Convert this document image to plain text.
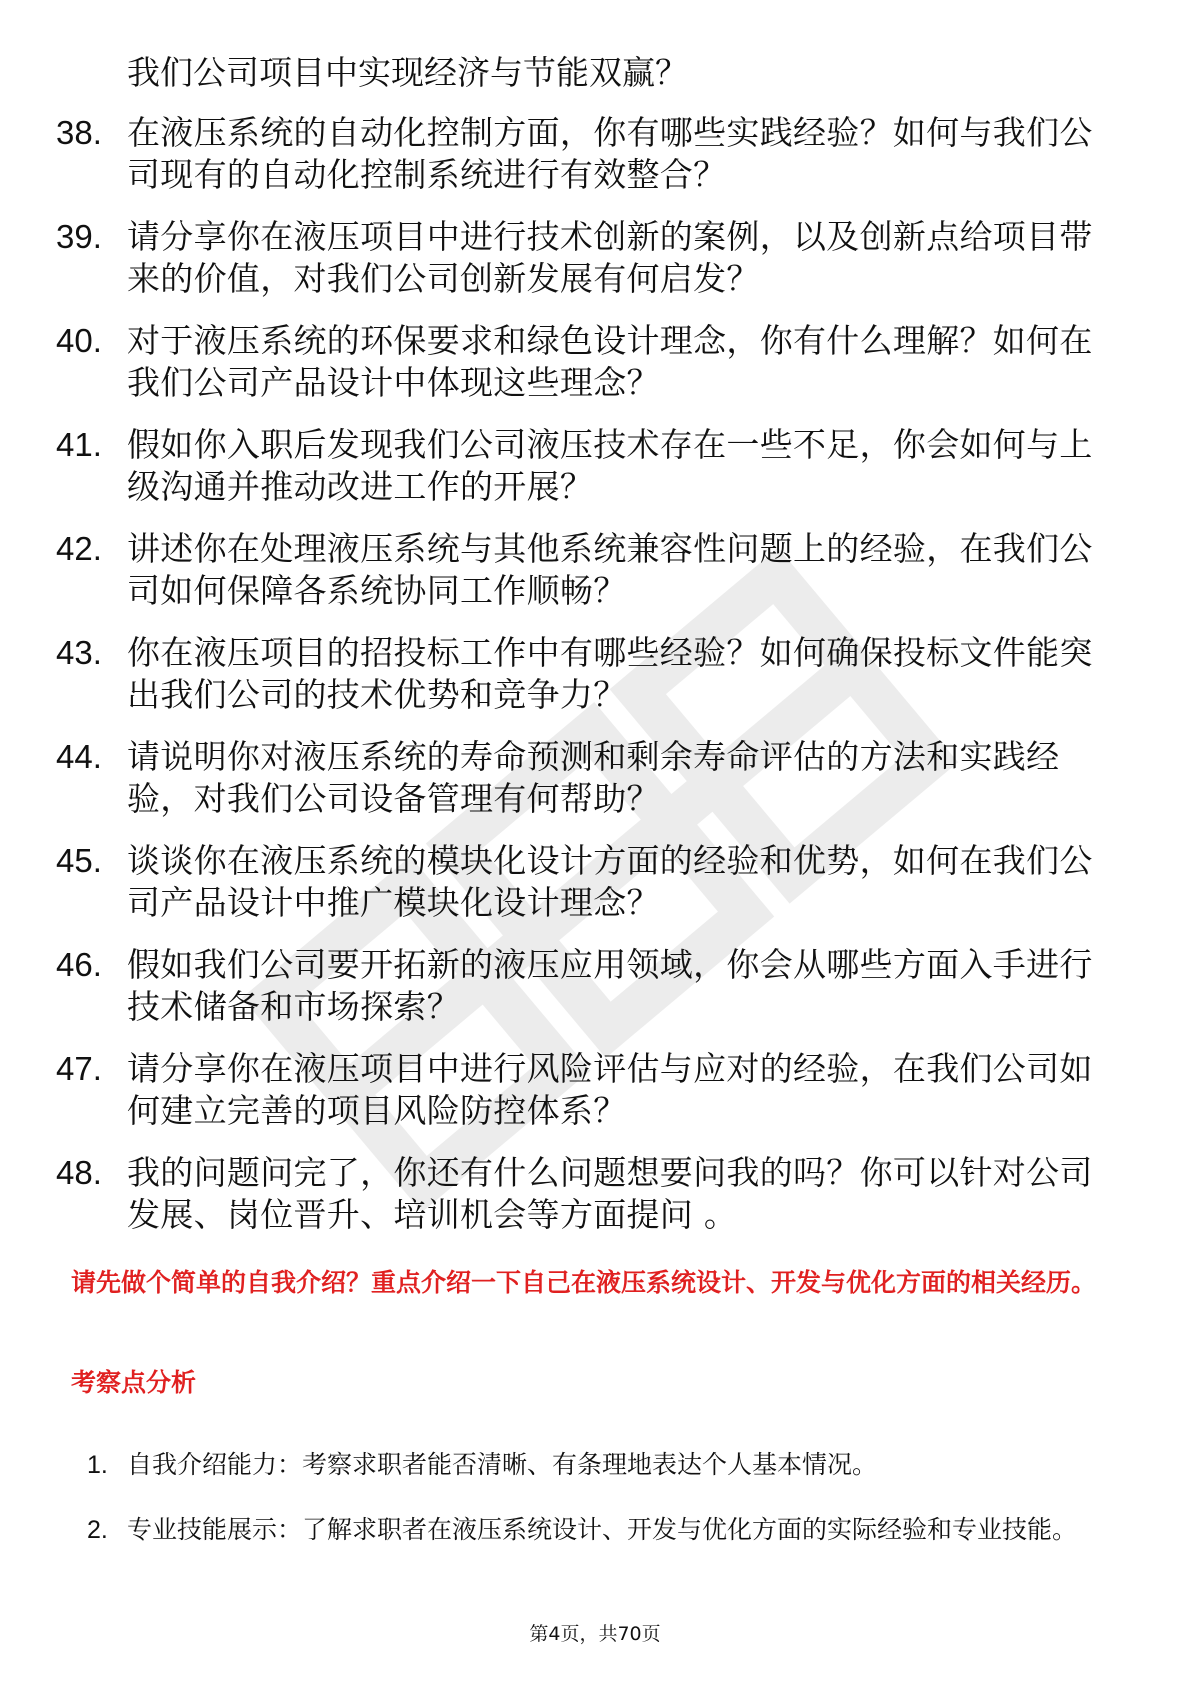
我们公司项目中实现经济与节能双赢？
38. 在液压系统的自动化控制方面，你有哪些实践经验？如何与我们公司现有的自动化控制系统进行有效整合？
39. 请分享你在液压项目中进行技术创新的案例，以及创新点给项目带来的价值，对我们公司创新发展有何启发？
40. 对于液压系统的环保要求和绿色设计理念，你有什么理解？如何在我们公司产品设计中体现这些理念？
41. 假如你入职后发现我们公司液压技术存在一些不足，你会如何与上级沟通并推动改进工作的开展？
42. 讲述你在处理液压系统与其他系统兼容性问题上的经验，在我们公司如何保障各系统协同工作顺畅？
43. 你在液压项目的招投标工作中有哪些经验？如何确保投标文件能突出我们公司的技术优势和竞争力？
44. 请说明你对液压系统的寿命预测和剩余寿命评估的方法和实践经验，对我们公司设备管理有何帮助？
45. 谈谈你在液压系统的模块化设计方面的经验和优势，如何在我们公司产品设计中推广模块化设计理念？
46. 假如我们公司要开拓新的液压应用领域，你会从哪些方面入手进行技术储备和市场探索？
47. 请分享你在液压项目中进行风险评估与应对的经验，在我们公司如何建立完善的项目风险防控体系？
48. 我的问题问完了，你还有什么问题想要问我的吗？你可以针对公司发展、岗位晋升、培训机会等方面提问 。
请先做个简单的自我介绍？重点介绍一下自己在液压系统设计、开发与优化方面的相关经历。
考察点分析
1. 自我介绍能力：考察求职者能否清晰、有条理地表达个人基本情况。
2. 专业技能展示：了解求职者在液压系统设计、开发与优化方面的实际经验和专业技能。
第4页，共70页
